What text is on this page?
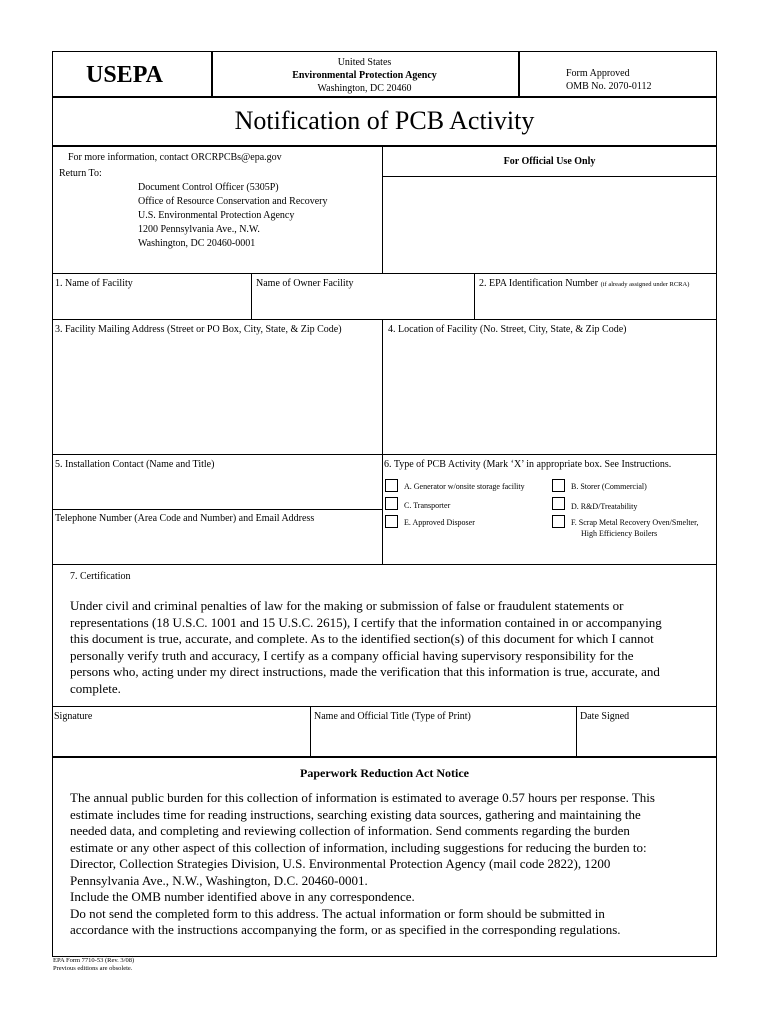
USEPA	United States
Environmental Protection Agency
Washington, DC 20460
Form Approved
OMB No. 2070-0112
Notification of PCB Activity
For more information, contact ORCRPCBs@epa.gov
Return To:
Document Control Officer (5305P)
Office of Resource Conservation and Recovery
U.S. Environmental Protection Agency
1200 Pennsylvania Ave., N.W.
Washington, DC 20460-0001
For Official Use Only
1. Name of Facility	Name of Owner Facility	2. EPA Identification Number (if already assigned under RCRA)
3. Facility Mailing Address (Street or PO Box, City, State, & Zip Code)	4. Location of Facility (No. Street, City, State, & Zip Code)
5. Installation Contact (Name and Title)
Telephone Number (Area Code and Number) and Email Address
6. Type of PCB Activity (Mark ‘X’ in appropriate box. See Instructions.
A. Generator w/onsite storage facility	B. Storer (Commercial)
C. Transporter	D. R&D/Treatability
E. Approved Disposer	F. Scrap Metal Recovery Oven/Smelter,
High Efficiency Boilers
7. Certification
Under civil and criminal penalties of law for the making or submission of false or fraudulent statements or
representations (18 U.S.C. 1001 and 15 U.S.C. 2615), I certify that the information contained in or accompanying
this document is true, accurate, and complete. As to the identified section(s) of this document for which I cannot
personally verify truth and accuracy, I certify as a company official having supervisory responsibility for the
persons who, acting under my direct instructions, made the verification that this information is true, accurate, and
complete.
Signature	Name and Official Title (Type of Print)	Date Signed
Paperwork Reduction Act Notice
The annual public burden for this collection of information is estimated to average 0.57 hours per response. This
estimate includes time for reading instructions, searching existing data sources, gathering and maintaining the
needed data, and completing and reviewing collection of information. Send comments regarding the burden
estimate or any other aspect of this collection of information, including suggestions for reducing the burden to:
Director, Collection Strategies Division, U.S. Environmental Protection Agency (mail code 2822), 1200
Pennsylvania Ave., N.W., Washington, D.C. 20460-0001.
Include the OMB number identified above in any correspondence.
Do not send the completed form to this address. The actual information or form should be submitted in
accordance with the instructions accompanying the form, or as specified in the corresponding regulations.
EPA Form 7710-53 (Rev. 3/08)
Previous editions are obsolete.
